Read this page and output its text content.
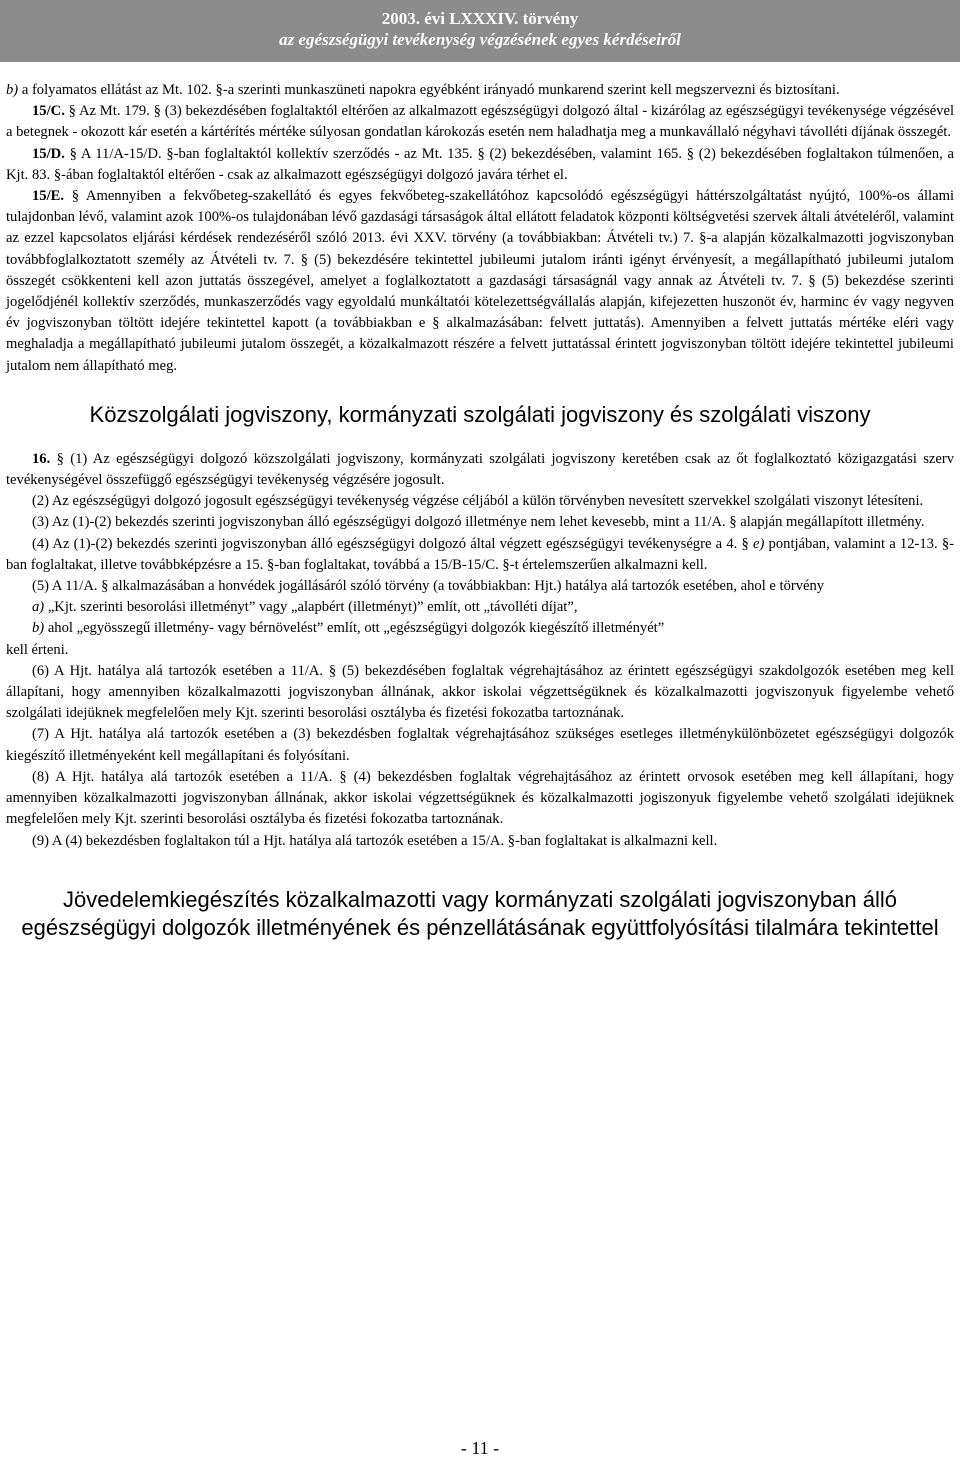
2003. évi LXXXIV. törvény
az egészségügyi tevékenység végzésének egyes kérdéseiről

b) a folyamatos ellátást az Mt. 102. §-a szerinti munkaszüneti napokra egyébként irányadó munkarend szerint kell megszervezni és biztosítani.

15/C. § Az Mt. 179. § (3) bekezdésében foglaltaktól eltérően az alkalmazott egészségügyi dolgozó által - kizárólag az egészségügyi tevékenysége végzésével a betegnek - okozott kár esetén a kártérítés mértéke súlyosan gondatlan károkozás esetén nem haladhatja meg a munkavállaló négyhavi távolléti díjának összegét.

15/D. § A 11/A-15/D. §-ban foglaltaktól kollektív szerződés - az Mt. 135. § (2) bekezdésében, valamint 165. § (2) bekezdésében foglaltakon túlmenően, a Kjt. 83. §-ában foglaltaktól eltérően - csak az alkalmazott egészségügyi dolgozó javára térhet el.

15/E. § Amennyiben a fekvőbeteg-szakellátó és egyes fekvőbeteg-szakellátóhoz kapcsolódó egészségügyi háttérszolgáltatást nyújtó, 100%-os állami tulajdonban lévő, valamint azok 100%-os tulajdonában lévő gazdasági társaságok által ellátott feladatok központi költségvetési szervek általi átvételéről, valamint az ezzel kapcsolatos eljárási kérdések rendezéséről szóló 2013. évi XXV. törvény (a továbbiakban: Átvételi tv.) 7. §-a alapján közalkalmazotti jogviszonyban továbbfoglalkoztatott személy az Átvételi tv. 7. § (5) bekezdésére tekintettel jubileumi jutalom iránti igényt érvényesít, a megállapítható jubileumi jutalom összegét csökkenteni kell azon juttatás összegével, amelyet a foglalkoztatott a gazdasági társaságnál vagy annak az Átvételi tv. 7. § (5) bekezdése szerinti jogelődjénél kollektív szerződés, munkaszerződés vagy egyoldalú munkáltatói kötelezettségvállalás alapján, kifejezetten huszonöt év, harminc év vagy negyven év jogviszonyban töltött idejére tekintettel kapott (a továbbiakban e § alkalmazásában: felvett juttatás). Amennyiben a felvett juttatás mértéke eléri vagy meghaladja a megállapítható jubileumi jutalom összegét, a közalkalmazott részére a felvett juttatással érintett jogviszonyban töltött idejére tekintettel jubileumi jutalom nem állapítható meg.

Közszolgálati jogviszony, kormányzati szolgálati jogviszony és szolgálati viszony

16. § (1) Az egészségügyi dolgozó közszolgálati jogviszony, kormányzati szolgálati jogviszony keretében csak az őt foglalkoztató közigazgatási szerv tevékenységével összefüggő egészségügyi tevékenység végzésére jogosult.

(2) Az egészségügyi dolgozó jogosult egészségügyi tevékenység végzése céljából a külön törvényben nevesített szervekkel szolgálati viszonyt létesíteni.

(3) Az (1)-(2) bekezdés szerinti jogviszonyban álló egészségügyi dolgozó illetménye nem lehet kevesebb, mint a 11/A. § alapján megállapított illetmény.

(4) Az (1)-(2) bekezdés szerinti jogviszonyban álló egészségügyi dolgozó által végzett egészségügyi tevékenységre a 4. § e) pontjában, valamint a 12-13. §-ban foglaltakat, illetve továbbképzésre a 15. §-ban foglaltakat, továbbá a 15/B-15/C. §-t értelemszerűen alkalmazni kell.

(5) A 11/A. § alkalmazásában a honvédek jogállásáról szóló törvény (a továbbiakban: Hjt.) hatálya alá tartozók esetében, ahol e törvény

a) „Kjt. szerinti besorolási illetményt” vagy „alapbért (illetményt)” említ, ott „távolléti díjat”,

b) ahol „egyösszegű illetmény- vagy bérnövelést” említ, ott „egészségügyi dolgozók kiegészítő illetményét”

kell érteni.

(6) A Hjt. hatálya alá tartozók esetében a 11/A. § (5) bekezdésében foglaltak végrehajtásához az érintett egészségügyi szakdolgozók esetében meg kell állapítani, hogy amennyiben közalkalmazotti jogviszonyban állnának, akkor iskolai végzettségüknek és közalkalmazotti jogviszonyuk figyelembe vehető szolgálati idejüknek megfelelően mely Kjt. szerinti besorolási osztályba és fizetési fokozatba tartoznának.

(7) A Hjt. hatálya alá tartozók esetében a (3) bekezdésben foglaltak végrehajtásához szükséges esetleges illetménykülönbözetet egészségügyi dolgozók kiegészítő illetményeként kell megállapítani és folyósítani.

(8) A Hjt. hatálya alá tartozók esetében a 11/A. § (4) bekezdésben foglaltak végrehajtásához az érintett orvosok esetében meg kell állapítani, hogy amennyiben közalkalmazotti jogviszonyban állnának, akkor iskolai végzettségüknek és közalkalmazotti jogiszonyuk figyelembe vehető szolgálati idejüknek megfelelően mely Kjt. szerinti besorolási osztályba és fizetési fokozatba tartoznának.

(9) A (4) bekezdésben foglaltakon túl a Hjt. hatálya alá tartozók esetében a 15/A. §-ban foglaltakat is alkalmazni kell.

Jövedelemkiegészítés közalkalmazotti vagy kormányzati szolgálati jogviszonyban álló egészségügyi dolgozók illetményének és pénzellátásának együttfolyósítási tilalmára tekintettel
- 11 -
